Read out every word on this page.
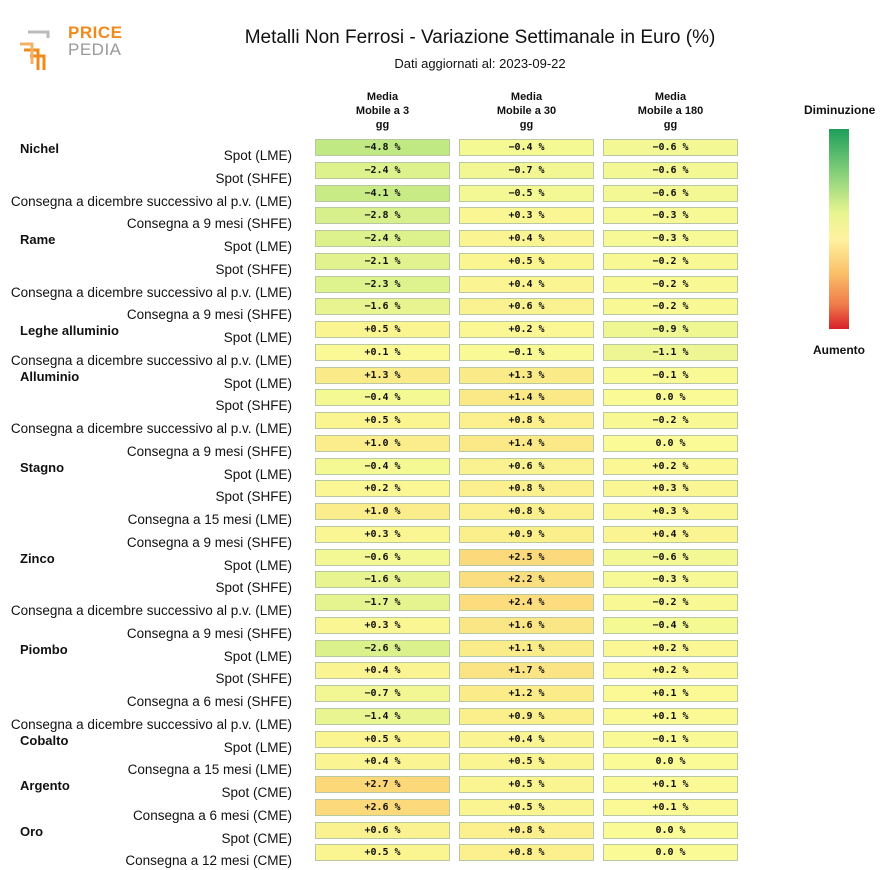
PRICE
PEDIA
Metalli Non Ferrosi - Variazione Settimanale in Euro (%)
Dati aggiornati al: 2023-09-22
Media
Mobile a 3
gg
Media
Mobile a 30
gg
Media
Mobile a 180
gg
Nichel	Spot (LME)
−4.8 %	−0.4 %	−0.6 %
Spot (SHFE)
−2.4 %	−0.7 %	−0.6 %
Consegna a dicembre successivo al p.v. (LME)
−4.1 %	−0.5 %	−0.6 %
Consegna a 9 mesi (SHFE)
−2.8 %	+0.3 %	−0.3 %
Rame	Spot (LME)
−2.4 %	+0.4 %	−0.3 %
Spot (SHFE)
−2.1 %	+0.5 %	−0.2 %
Consegna a dicembre successivo al p.v. (LME)
−2.3 %	+0.4 %	−0.2 %
Consegna a 9 mesi (SHFE)
−1.6 %	+0.6 %	−0.2 %
Leghe alluminio	Spot (LME)
+0.5 %	+0.2 %	−0.9 %
Consegna a dicembre successivo al p.v. (LME)
+0.1 %	−0.1 %	−1.1 %
Alluminio	Spot (LME)
+1.3 %	+1.3 %	−0.1 %
Spot (SHFE)
−0.4 %	+1.4 %	0.0 %
Consegna a dicembre successivo al p.v. (LME)
+0.5 %	+0.8 %	−0.2 %
Consegna a 9 mesi (SHFE)
+1.0 %	+1.4 %	0.0 %
Stagno	Spot (LME)
−0.4 %	+0.6 %	+0.2 %
Spot (SHFE)
+0.2 %	+0.8 %	+0.3 %
Consegna a 15 mesi (LME)
+1.0 %	+0.8 %	+0.3 %
Consegna a 9 mesi (SHFE)
+0.3 %	+0.9 %	+0.4 %
Zinco	Spot (LME)
−0.6 %	+2.5 %	−0.6 %
Spot (SHFE)
−1.6 %	+2.2 %	−0.3 %
Consegna a dicembre successivo al p.v. (LME)
−1.7 %	+2.4 %	−0.2 %
Consegna a 9 mesi (SHFE)
+0.3 %	+1.6 %	−0.4 %
Piombo	Spot (LME)
−2.6 %	+1.1 %	+0.2 %
Spot (SHFE)
+0.4 %	+1.7 %	+0.2 %
Consegna a 6 mesi (SHFE)
−0.7 %	+1.2 %	+0.1 %
Consegna a dicembre successivo al p.v. (LME)
−1.4 %	+0.9 %	+0.1 %
Cobalto	Spot (LME)
+0.5 %	+0.4 %	−0.1 %
Consegna a 15 mesi (LME)
+0.4 %	+0.5 %	0.0 %
Argento	Spot (CME)
+2.7 %	+0.5 %	+0.1 %
Consegna a 6 mesi (CME)
+2.6 %	+0.5 %	+0.1 %
Oro	Spot (CME)
+0.6 %	+0.8 %	0.0 %
Consegna a 12 mesi (CME)
+0.5 %	+0.8 %	0.0 %
Diminuzione
Aumento
